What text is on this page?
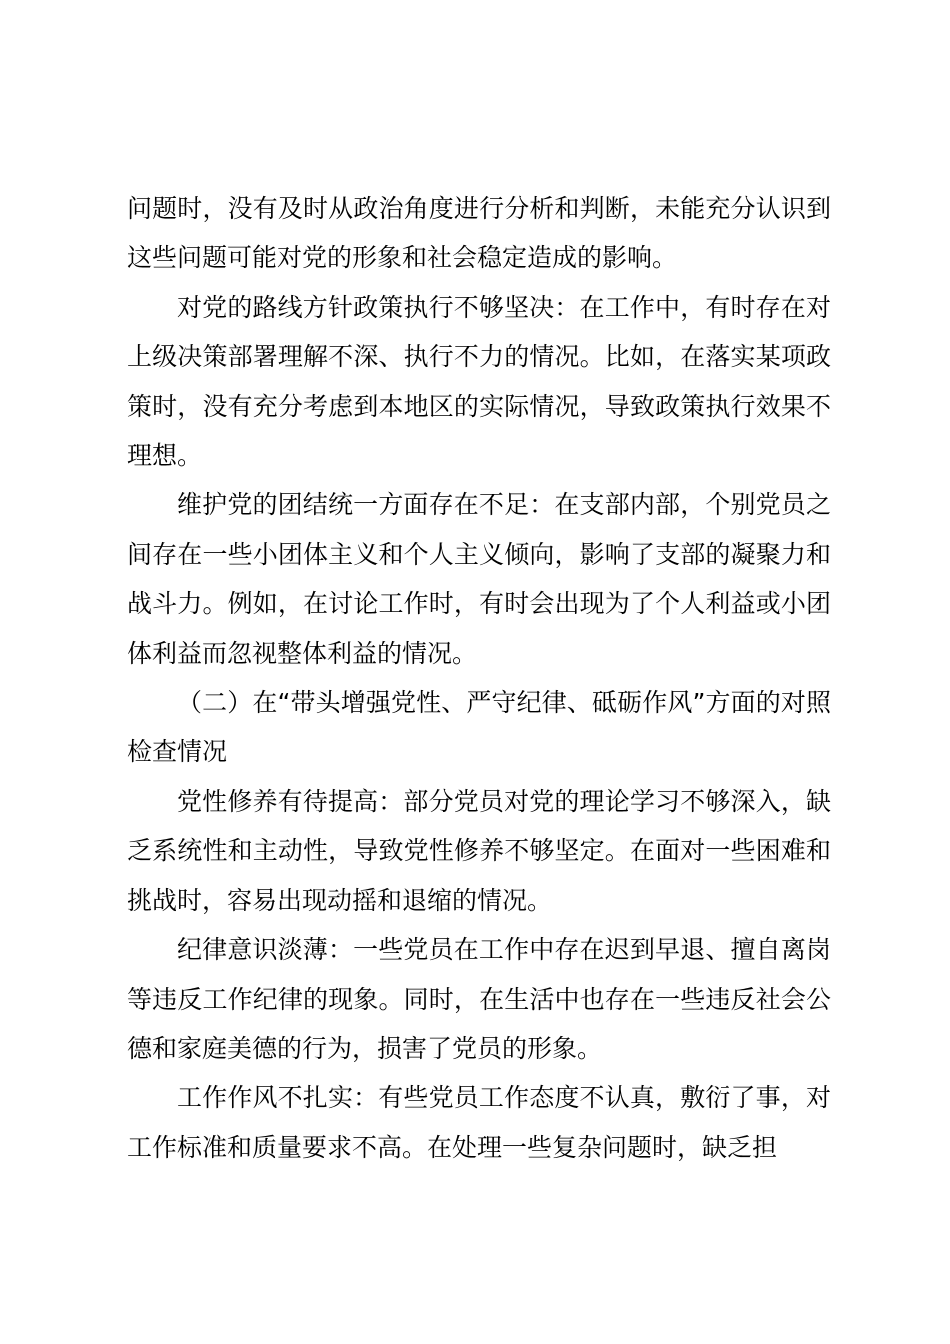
问题时，没有及时从政治角度进行分析和判断，未能充分认识到这些问题可能对党的形象和社会稳定造成的影响。

对党的路线方针政策执行不够坚决：在工作中，有时存在对上级决策部署理解不深、执行不力的情况。比如，在落实某项政策时，没有充分考虑到本地区的实际情况，导致政策执行效果不理想。

维护党的团结统一方面存在不足：在支部内部，个别党员之间存在一些小团体主义和个人主义倾向，影响了支部的凝聚力和战斗力。例如，在讨论工作时，有时会出现为了个人利益或小团体利益而忽视整体利益的情况。

（二）在“带头增强党性、严守纪律、砥砺作风”方面的对照检查情况

党性修养有待提高：部分党员对党的理论学习不够深入，缺乏系统性和主动性，导致党性修养不够坚定。在面对一些困难和挑战时，容易出现动摇和退缩的情况。

纪律意识淡薄：一些党员在工作中存在迟到早退、擅自离岗等违反工作纪律的现象。同时，在生活中也存在一些违反社会公德和家庭美德的行为，损害了党员的形象。

工作作风不扎实：有些党员工作态度不认真，敷衍了事，对工作标准和质量要求不高。在处理一些复杂问题时，缺乏担
